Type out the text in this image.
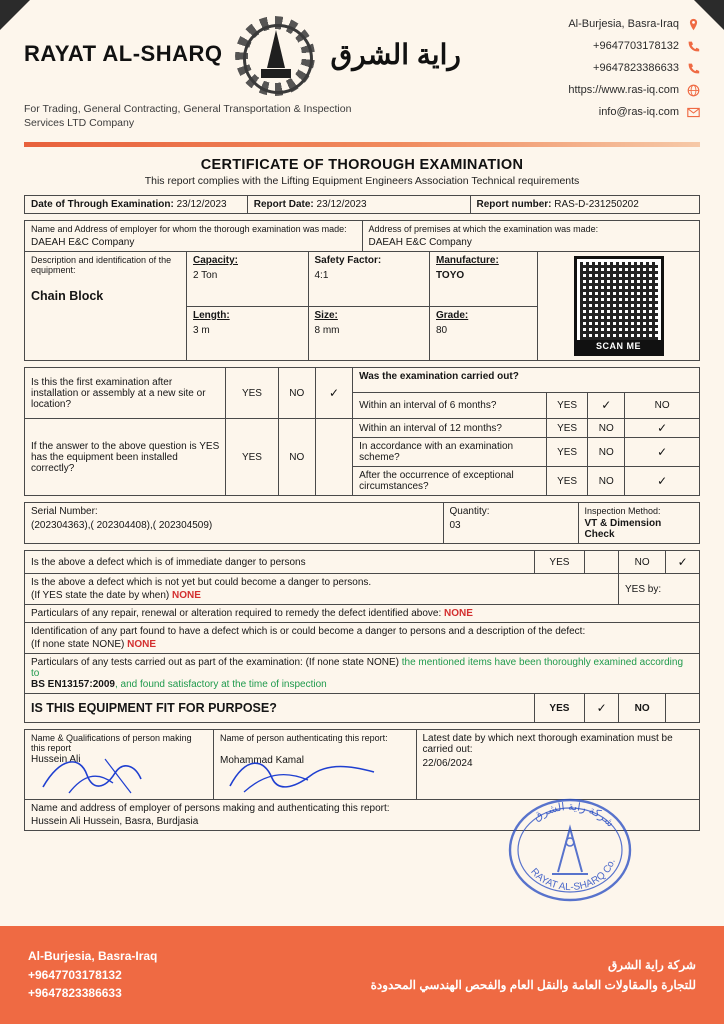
RAYAT AL-SHARQ	راية الشرق
For Trading, General Contracting, General Transportation & Inspection Services LTD Company
Al-Burjesia, Basra-Iraq
+9647703178132
+9647823386633
https://www.ras-iq.com
info@ras-iq.com
CERTIFICATE OF THOROUGH EXAMINATION
This report complies with the Lifting Equipment Engineers Association Technical requirements
Date of Through Examination: 23/12/2023	Report Date: 23/12/2023	Report number: RAS-D-231250202
Name and Address of employer for whom the thorough examination was made:
DAEAH E&C Company

Address of premises at which the examination was made:
DAEAH E&C Company
Description and identification of the equipment:
Chain Block

Capacity:
2 Ton

Safety Factor:
4:1

Manufacture:
TOYO

SCAN ME

Length:
3 m

Size:
8 mm

Grade:
80
Is this the first examination after installation or assembly at a new site or location?	YES	NO	✓	Was the examination carried out?			
				Within an interval of 6 months?	YES	✓	NO
If the answer to the above question is YES has the equipment been installed correctly?	YES	NO		Within an interval of 12 months?	YES	NO	✓
				In accordance with an examination scheme?	YES	NO	✓
				After the occurrence of exceptional circumstances?	YES	NO	✓
Serial Number:
(202304363),( 202304408),( 202304509)

Quantity:
03

Inspection Method:
VT & Dimension Check
Is the above a defect which is of immediate danger to persons	YES		NO	✓

Is the above a defect which is not yet but could become a danger to persons.
(If YES state the date by when) NONE			YES by:	
Particulars of any repair, renewal or alteration required to remedy the defect identified above: NONE				

Identification of any part found to have a defect which is or could become a danger to persons and a description of the defect:
(If none state NONE) NONE				

Particulars of any tests carried out as part of the examination: (If none state NONE) the mentioned items have been thoroughly examined according to
BS EN13157:2009, and found satisfactory at the time of inspection				

IS THIS EQUIPMENT FIT FOR PURPOSE?	YES	✓	NO	
Name & Qualifications of person making this report
Hussein Ali

Name of person authenticating this report:
Mohammad Kamal

Latest date by which next thorough examination must be carried out:
22/06/2024

Name and address of employer of persons making and authenticating this report:
Hussein Ali Hussein, Basra, Burdjasia	شركة راية الشرق
RAYAT AL-SHARQ Co.
Al-Burjesia, Basra-Iraq
+9647703178132
+9647823386633
شركة راية الشرق
للتجارة والمقاولات العامة والنقل العام والفحص الهندسي المحدودة
